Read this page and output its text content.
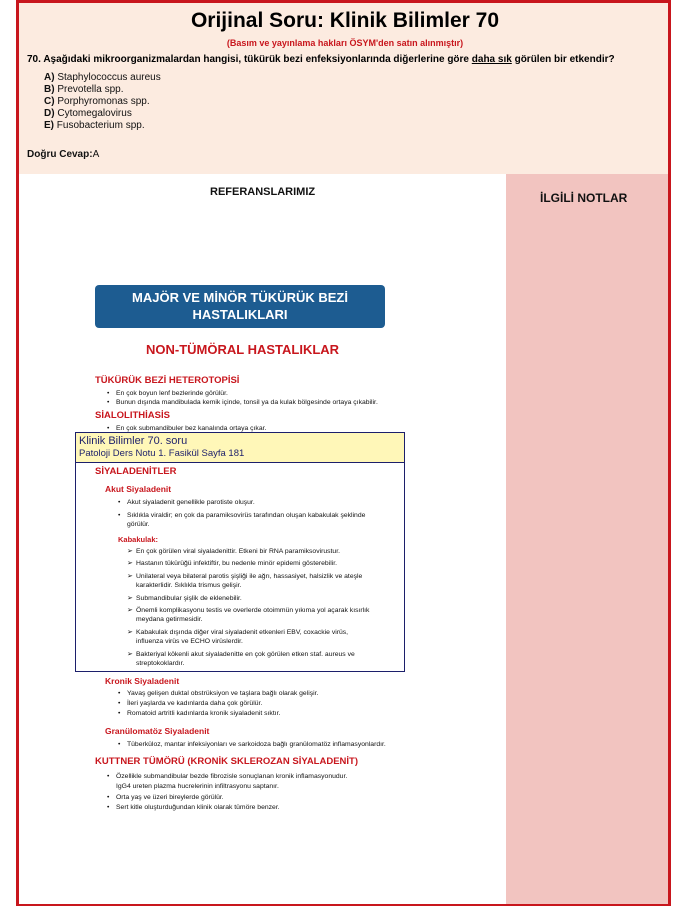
Orijinal Soru: Klinik Bilimler 70
(Basım ve yayınlama hakları ÖSYM'den satın alınmıştır)
70. Aşağıdaki mikroorganizmalardan hangisi, tükürük bezi enfeksiyonlarında diğerlerine göre daha sık görülen bir etkendir?
A) Staphylococcus aureus
B) Prevotella spp.
C) Porphyromonas spp.
D) Cytomegalovirus
E) Fusobacterium spp.
Doğru Cevap:A
REFERANSLARIMIZ	İLGİLİ NOTLAR
MAJÖR VE MİNÖR TÜKÜRÜK BEZİ
HASTALIKLARI
NON-TÜMÖRAL HASTALIKLAR
TÜKÜRÜK BEZİ HETEROTOPİSİ
• En çok boyun lenf bezlerinde görülür.
• Bunun dışında mandibulada kemik içinde, tonsil ya da kulak bölgesinde ortaya çıkabilir.
SİALOLITHİASİS
• En çok submandibuler bez kanalında ortaya çıkar.
SİYALADENİTLER
Akut Siyaladenit
• Akut siyaladenit genellikle parotiste oluşur.
• Sıklıkla viraldir; en çok da paramiksovirüs tarafından oluşan kabakulak şeklinde
görülür.
Kabakulak:
➢ En çok görülen viral siyaladenittir. Etkeni bir RNA paramiksovirustur.
➢ Hastanın tükürüğü infektiftir, bu nedenle minör epidemi gösterebilir.
➢ Unilateral veya bilateral parotis şişliği ile ağrı, hassasiyet, halsizlik ve ateşle
karakterlidir. Sıklıkla trismus gelişir.
➢ Submandibular şişlik de eklenebilir.
➢ Önemli komplikasyonu testis ve overlerde otoimmün yıkıma yol açarak kısırlık
meydana getirmesidir.
➢ Kabakulak dışında diğer viral siyaladenit etkenleri EBV, coxackie virüs,
influenza virüs ve ECHO virüslerdir.
➢ Bakteriyal kökenli akut siyaladenitte en çok görülen etken staf. aureus ve
streptokoklardır.
Kronik Siyaladenit
• Yavaş gelişen duktal obstrüksiyon ve taşlara bağlı olarak gelişir.
• İleri yaşlarda ve kadınlarda daha çok görülür.
• Romatoid artritli kadınlarda kronik siyaladenit sıktır.
Granülomatöz Siyaladenit
• Tüberküloz, mantar infeksiyonları ve sarkoidoza bağlı granülomatöz inflamasyonlardır.
KUTTNER TÜMÖRÜ (KRONİK SKLEROZAN SİYALADENİT)
• Özellikle submandibular bezde fibrozisle sonuçlanan kronik inflamasyonudur.
IgG4 ureten plazma hucrelerinin infiltrasyonu saptanır.
• Orta yaş ve üzeri bireylerde görülür.
• Sert kitle oluşturduğundan klinik olarak tümöre benzer.
Klinik Bilimler 70. soru
Patoloji Ders Notu 1. Fasikül Sayfa 181
